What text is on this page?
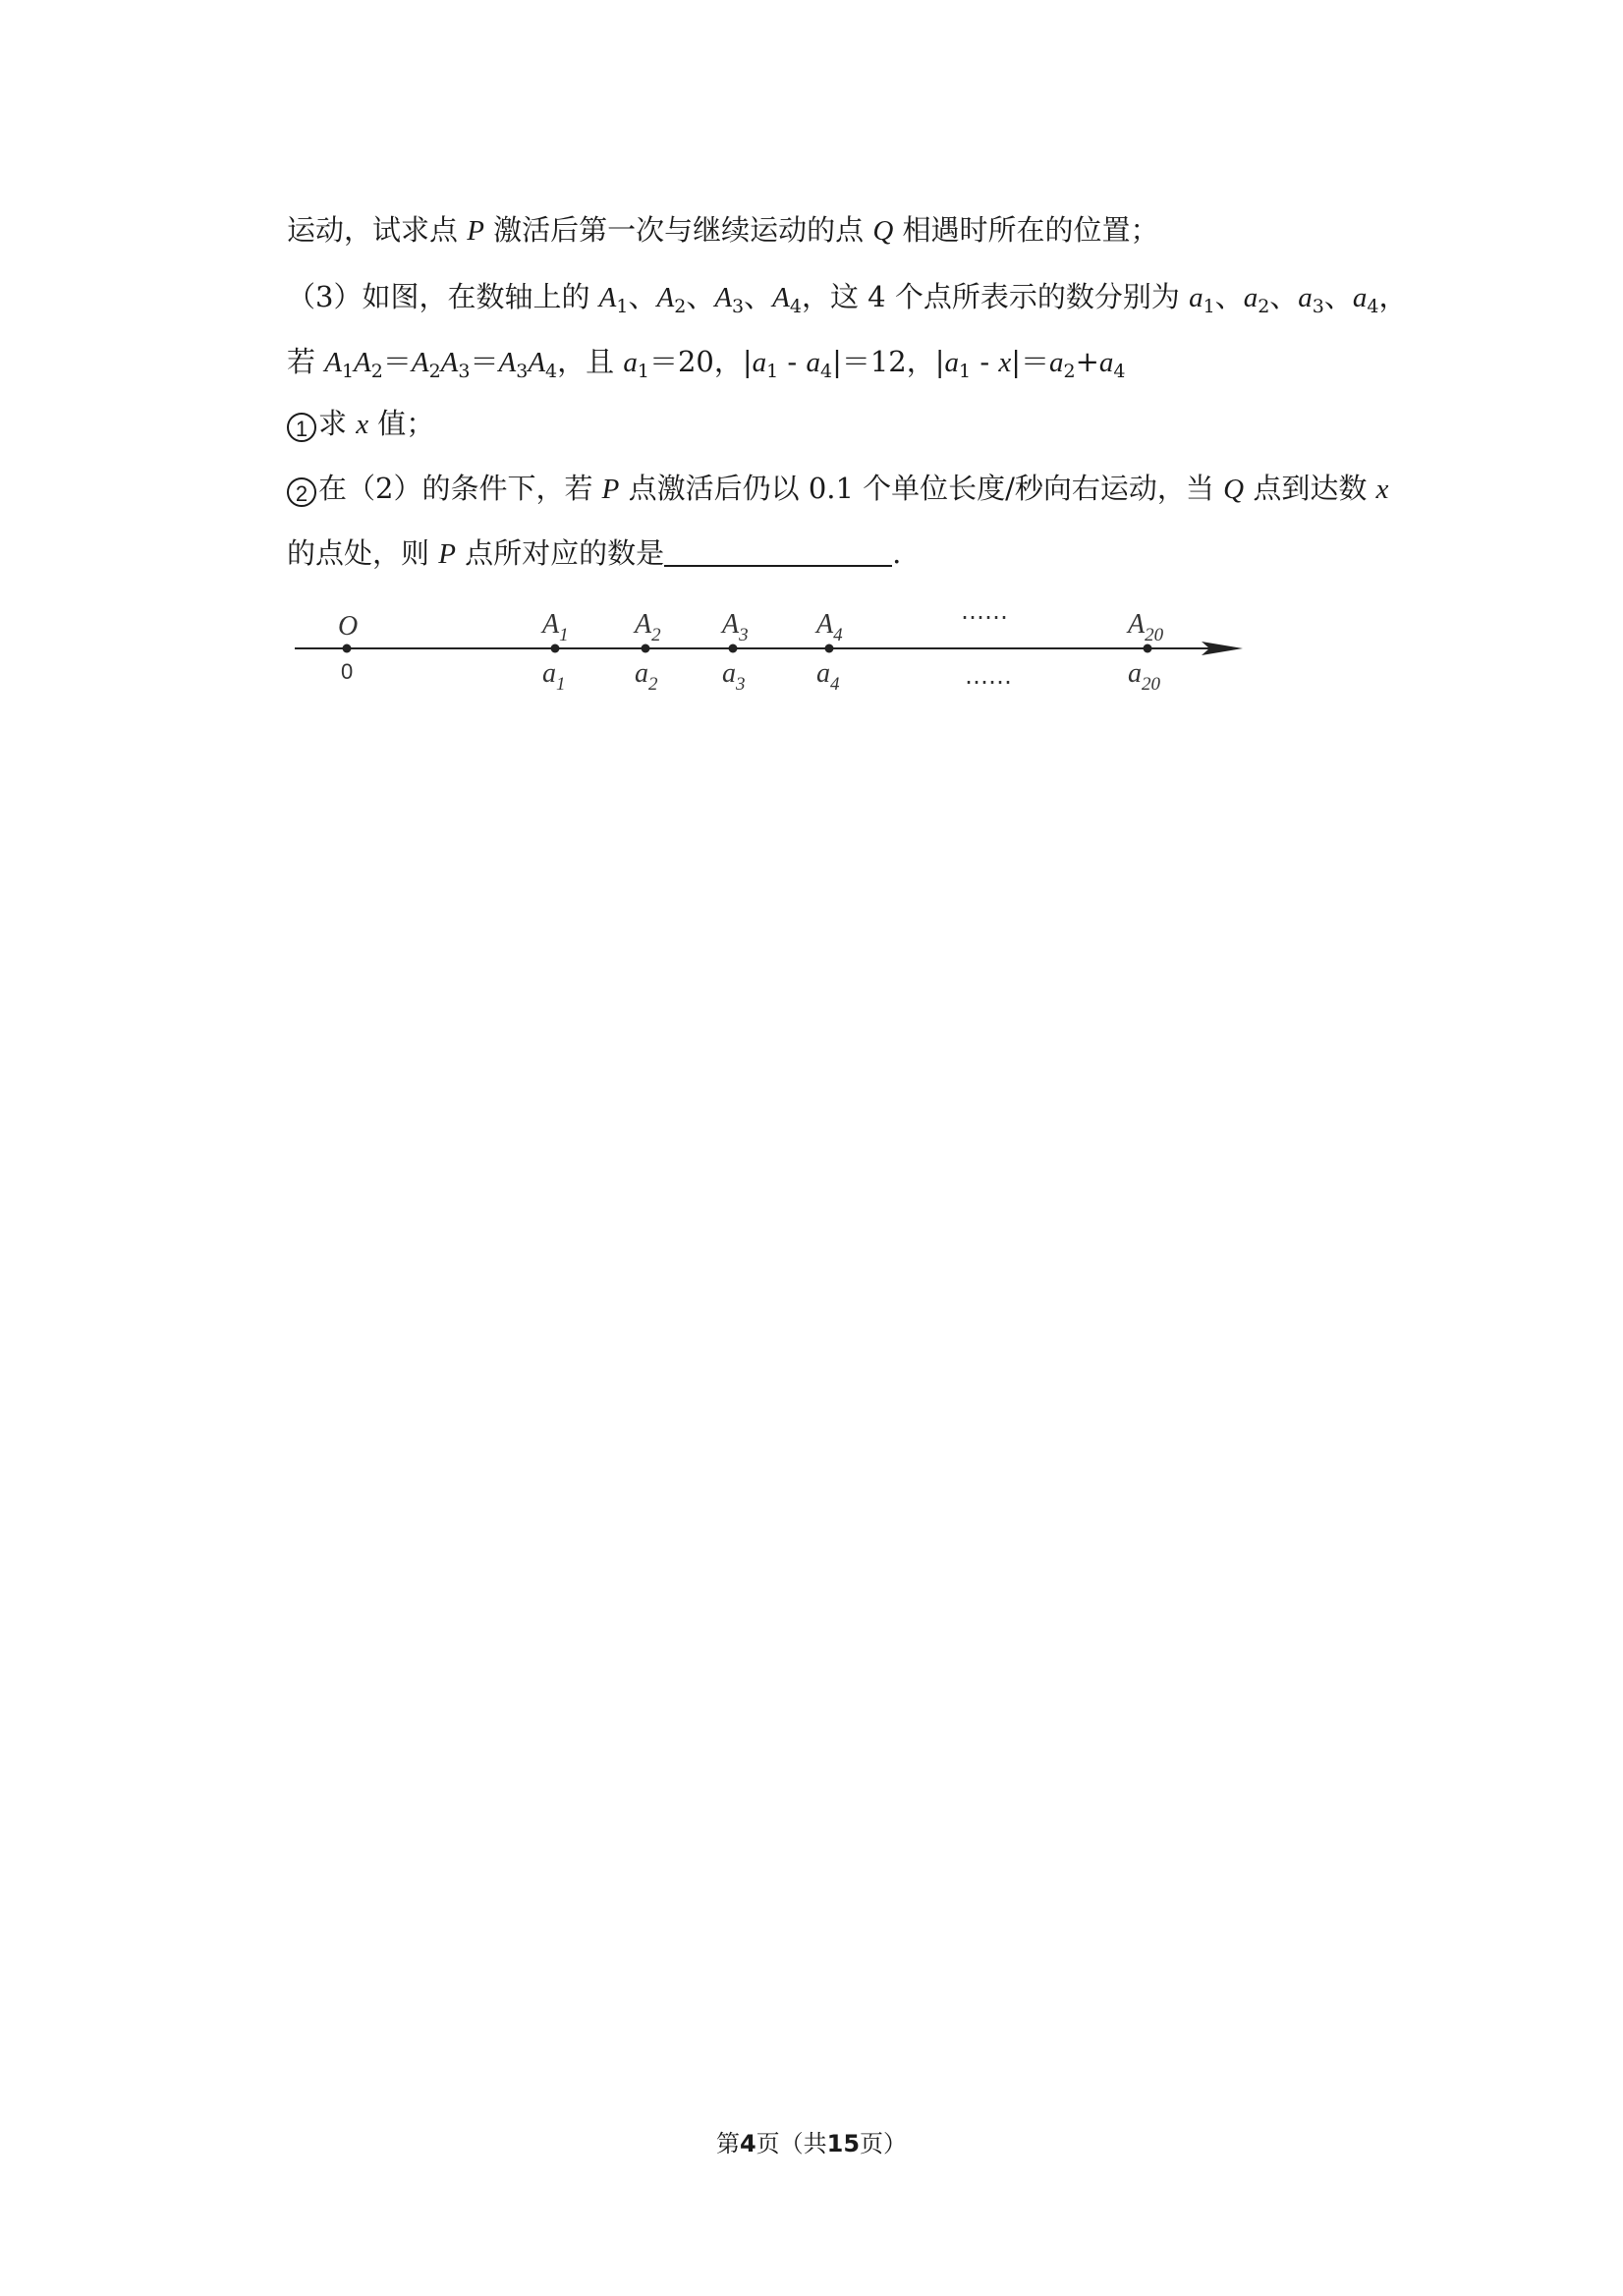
运动，试求点 P 激活后第一次与继续运动的点 Q 相遇时所在的位置；
（3）如图，在数轴上的 $A_1$、$A_2$、$A_3$、$A_4$，这 4 个点所表示的数分别为 $a_1$、$a_2$、$a_3$、$a_4$，
若 $A_1A_2=A_2A_3=A_3A_4$，且 $a_1=20$，$|a_1 - a_4|=12$，$|a_1 - x|=a_2+a_4$
1 求 x 值；
2 在（2）的条件下，若 P 点激活后仍以 0.1 个单位长度/秒向右运动，当 Q 点到达数 x
的点处，则 P 点所对应的数是	.
O
0
$A_1$
$a_1$
$A_2$
$a_2$
$A_3$
$a_3$
$A_4$
$a_4$
……
……
$A_{20}$
$a_{20}$
第4页（共15页）
